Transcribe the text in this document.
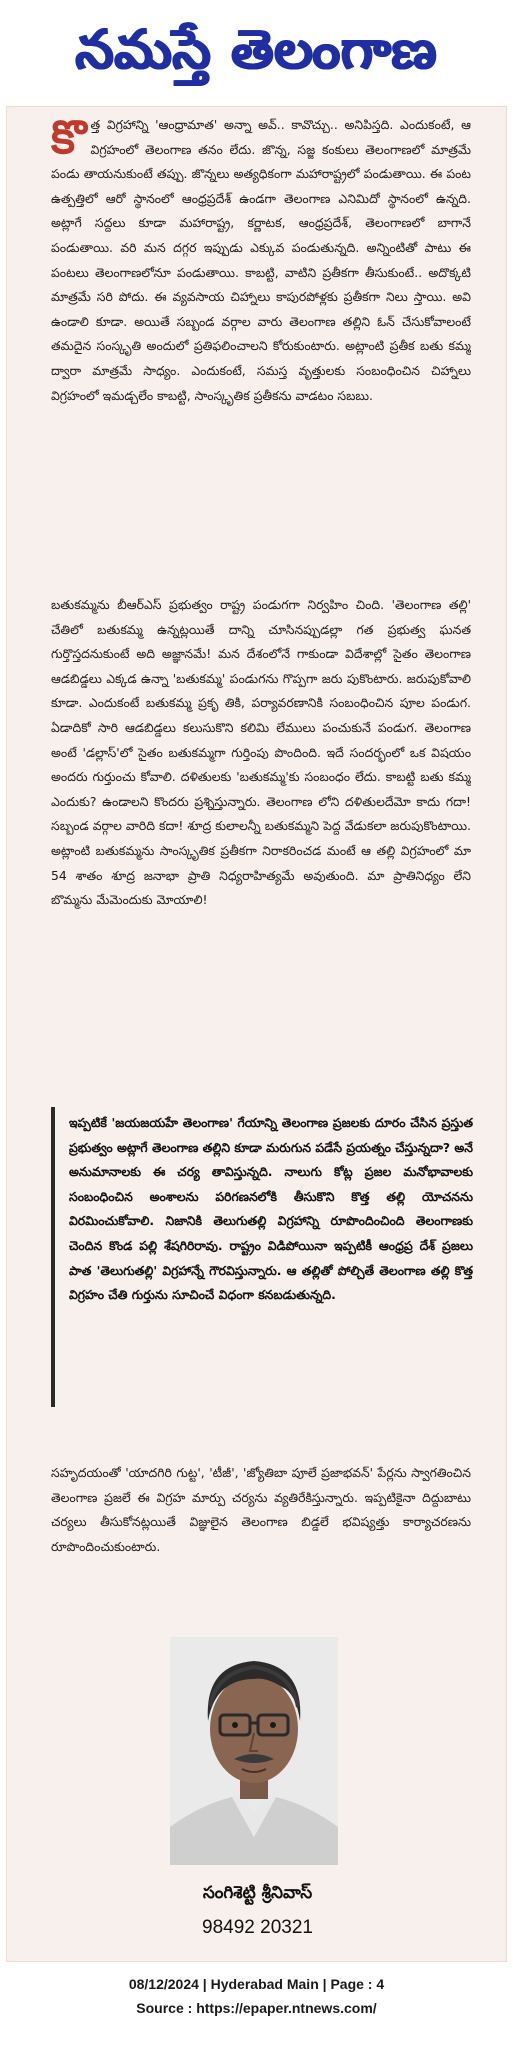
నమస్తే తెలంగాణ
కొత్త విగ్రహాన్ని 'ఆంధ్రామాత' అన్నా అవ్.. కావొచ్చు.. అనిపిస్తది. ఎందుకంటే, ఆ విగ్రహంలో తెలంగాణ తనం లేదు. జొన్న, సజ్జ కంకులు తెలంగాణలో మాత్రమే పండు తాయనుకుంటే తప్పు. జొన్నలు అత్యధికంగా మహారాష్ట్రలో పండుతాయి. ఈ పంట ఉత్పత్తిలో ఆరో స్థానంలో ఆంధ్రప్రదేశ్ ఉండగా తెలంగాణ ఎనిమిదో స్థానంలో ఉన్నది. అట్లాగే సద్దలు కూడా మహారాష్ట్ర, కర్ణాటక, ఆంధ్రప్రదేశ్, తెలంగాణలో బాగానే పండుతాయి. వరి మన దగ్గర ఇప్పుడు ఎక్కువ పండుతున్నది. అన్నింటితో పాటు ఈ పంటలు తెలంగాణలోనూ పండుతాయి. కాబట్టి, వాటిని ప్రతీకగా తీసుకుంటే.. అదొక్కటి మాత్రమే సరి పోదు. ఈ వ్యవసాయ చిహ్నాలు కాపురపోళ్లకు ప్రతీకగా నిలు స్తాయి. అవి ఉండాలి కూడా. అయితే సబ్బండ వర్గాల వారు తెలంగాణ తల్లిని ఓన్ చేసుకోవాలంటే తమదైన సంస్కృతి అందులో ప్రతిఫలించాలని కోరుకుంటారు. అట్లాంటి ప్రతీక బతు కమ్మ ద్వారా మాత్రమే సాధ్యం. ఎందుకంటే, సమస్త వృత్తులకు సంబంధించిన చిహ్నాలు విగ్రహంలో ఇమడ్చలేం కాబట్టి, సాంస్కృతిక ప్రతీకను వాడటం సబబు.
బతుకమ్మను బీఆర్‌ఎస్ ప్రభుత్వం రాష్ట్ర పండుగగా నిర్వహిం చింది. 'తెలంగాణ తల్లి' చేతిలో బతుకమ్మ ఉన్నట్లయితే దాన్ని చూసినప్పుడల్లా గత ప్రభుత్వ ఘనత గుర్తొస్తదనుకుంటే అది అజ్ఞానమే! మన దేశంలోనే గాకుండా విదేశాల్లో సైతం తెలంగాణ ఆడబిడ్డలు ఎక్కడ ఉన్నా 'బతుకమ్మ' పండుగను గొప్పగా జరు పుకొంటారు. జరుపుకోవాలి కూడా. ఎందుకంటే బతుకమ్మ ప్రకృ తికి, పర్యావరణానికి సంబంధించిన పూల పండుగ. ఏడాదికో సారి ఆడబిడ్డలు కలుసుకొని కలిమి లేములు పంచుకునే పండుగ. తెలంగాణ అంటే 'డల్లాస్'లో సైతం బతుకమ్మగా గుర్తింపు పొందింది. ఇదే సందర్భంలో ఒక విషయం అందరు గుర్తుంచు కోవాలి. దళితులకు 'బతుకమ్మ'కు సంబంధం లేదు. కాబట్టి బతు కమ్మ ఎందుకు? ఉండాలని కొందరు ప్రశ్నిస్తున్నారు. తెలంగాణ లోని దళితులదేమో కాదు గదా! సబ్బండ వర్గాల వారిది కదా! శూద్ర కులాలన్నీ బతుకమ్మని పెద్ద వేడుకలా జరుపుకొంటాయి. అట్లాంటి బతుకమ్మను సాంస్కృతిక ప్రతీకగా నిరాకరించడ మంటే ఆ తల్లి విగ్రహంలో మా 54 శాతం శూద్ర జనాభా ప్రాతి నిధ్యరాహిత్యమే అవుతుంది. మా ప్రాతినిధ్యం లేని బొమ్మను మేమెందుకు మోయాలి!
ఇప్పటికే 'జయజయహే తెలంగాణ' గేయాన్ని తెలంగాణ ప్రజలకు దూరం చేసిన ప్రస్తుత ప్రభుత్వం అట్లాగే తెలంగాణ తల్లిని కూడా మరుగున పడేసే ప్రయత్నం చేస్తున్నదా? అనే అనుమానాలకు ఈ చర్య తావిస్తున్నది. నాలుగు కోట్ల ప్రజల మనోభావాలకు సంబంధించిన అంశాలను పరిగణనలోకి తీసుకొని కొత్త తల్లి యోచనను విరమించుకోవాలి. నిజానికి తెలుగుతల్లి విగ్రహాన్ని రూపొందించింది తెలంగాణకు చెందిన కొండ పల్లి శేషగిరిరావు. రాష్ట్రం విడిపోయినా ఇప్పటికీ ఆంధ్రప్ర దేశ్ ప్రజలు పాత 'తెలుగుతల్లి' విగ్రహాన్నే గౌరవిస్తున్నారు. ఆ తల్లితో పోల్చితే తెలంగాణ తల్లి కొత్త విగ్రహం చేతి గుర్తును సూచించే విధంగా కనబడుతున్నది.
సహృదయంతో 'యాదగిరి గుట్ట', 'టీజీ', 'జ్యోతిబా పూలే ప్రజాభవన్' పేర్లను స్వాగతించిన తెలంగాణ ప్రజలే ఈ విగ్రహ మార్పు చర్యను వ్యతిరేకిస్తున్నారు. ఇప్పటికైనా దిద్దుబాటు చర్యలు తీసుకోనట్లయితే విజ్ఞులైన తెలంగాణ బిడ్డలే భవిష్యత్తు కార్యాచరణను రూపొందించుకుంటారు.
సంగిశెట్టి శ్రీనివాస్
98492 20321
08/12/2024 | Hyderabad Main | Page : 4
Source : https://epaper.ntnews.com/
